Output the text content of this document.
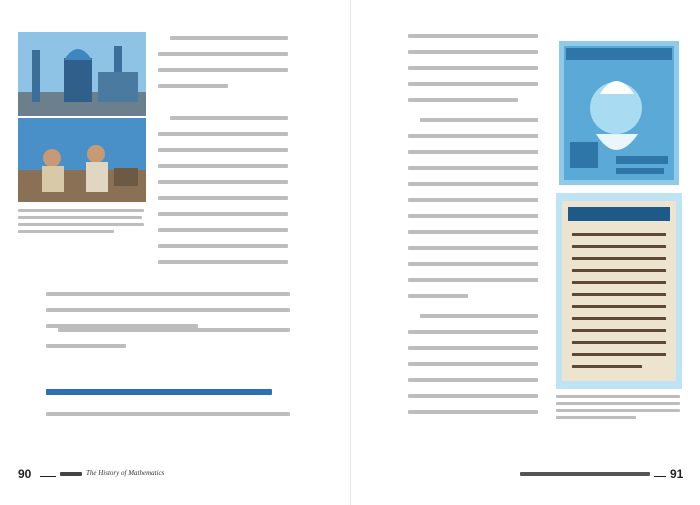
90	The History of Mathematics	91
